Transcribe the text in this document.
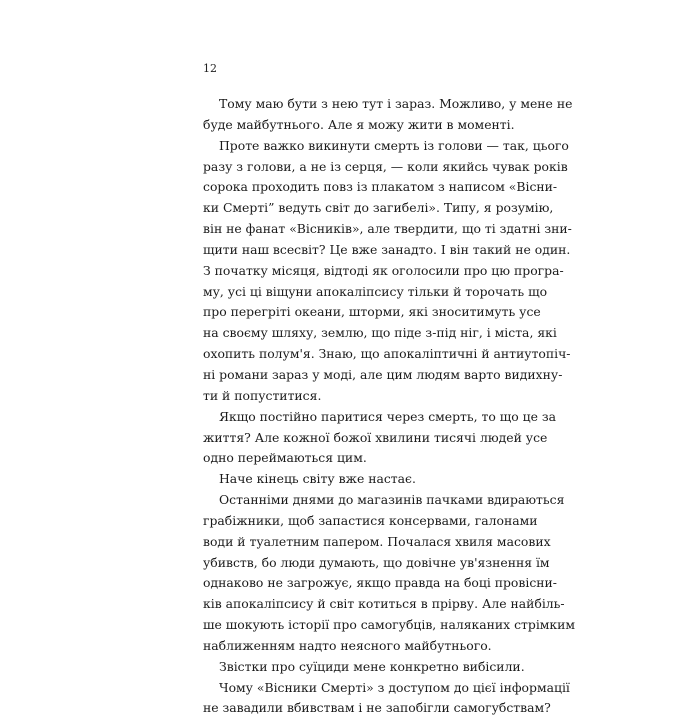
12
Тому маю бути з нею тут і зараз. Можливо, у мене не
буде майбутнього. Але я можу жити в моменті.
Проте важко викинути смерть із голови — так, цього
разу з голови, а не із серця, — коли якийсь чувак років
сорока проходить повз із плакатом з написом «Вісни-
ки Смерті” ведуть світ до загибелі». Типу, я розумію,
він не фанат «Вісників», але твердити, що ті здатні зни-
щити наш всесвіт? Це вже занадто. І він такий не один.
З початку місяця, відтоді як оголосили про цю програ-
му, усі ці віщуни апокаліпсису тільки й торочать що
про перегріті океани, шторми, які зноситимуть усе
на своєму шляху, землю, що піде з-під ніг, і міста, які
охопить полум'я. Знаю, що апокаліптичні й антиутопіч-
ні романи зараз у моді, але цим людям варто видихну-
ти й попуститися.
Якщо постійно паритися через смерть, то що це за
життя? Але кожної божої хвилини тисячі людей усе
одно переймаються цим.
Наче кінець світу вже настає.
Останніми днями до магазинів пачками вдираються
грабіжники, щоб запастися консервами, галонами
води й туалетним папером. Почалася хвиля масових
убивств, бо люди думають, що довічне ув'язнення їм
однаково не загрожує, якщо правда на боці провісни-
ків апокаліпсису й світ котиться в прірву. Але найбіль-
ше шокують історії про самогубців, наляканих стрімким
наближенням надто неясного майбутнього.
Звістки про суїциди мене конкретно вибісили.
Чому «Вісники Смерті» з доступом до цієї інформації
не завадили вбивствам і не запобігли самогубствам?
